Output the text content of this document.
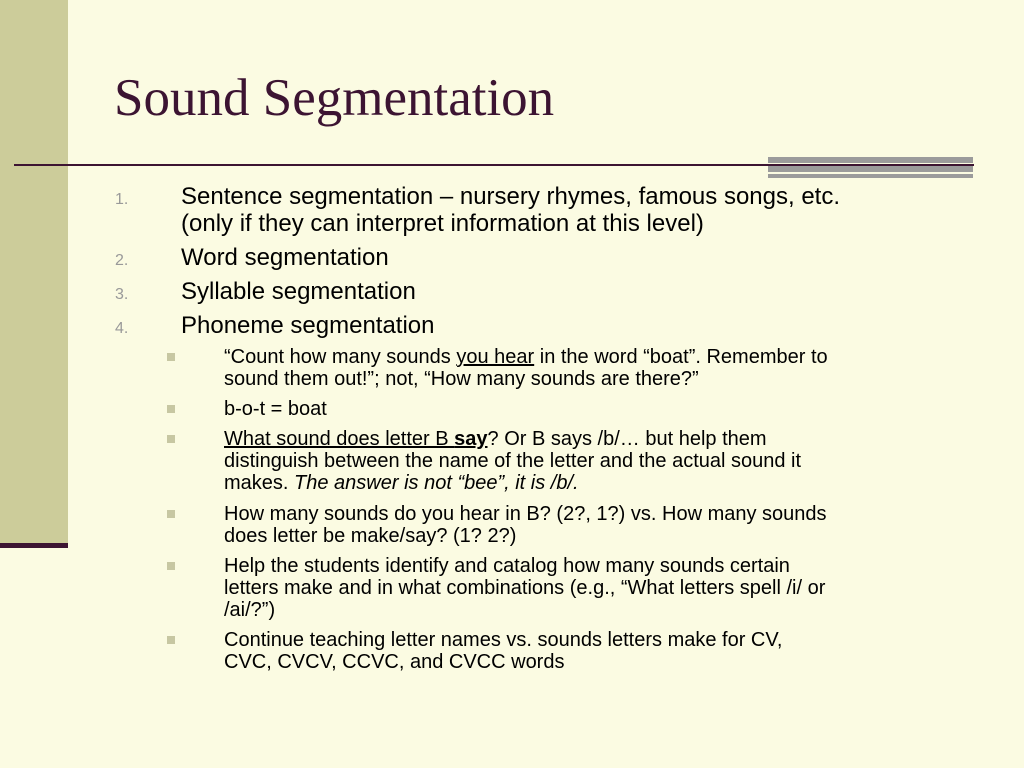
Sound Segmentation
1. Sentence segmentation – nursery rhymes, famous songs, etc.
(only if they can interpret information at this level)
2. Word segmentation
3. Syllable segmentation
4. Phoneme segmentation
“Count how many sounds you hear in the word “boat”. Remember to
sound them out!”; not, “How many sounds are there?”
b-o-t = boat
What sound does letter B say? Or B says /b/… but help them
distinguish between the name of the letter and the actual sound it
makes. The answer is not “bee”, it is /b/.
How many sounds do you hear in B? (2?, 1?) vs. How many sounds
does letter be make/say? (1? 2?)
Help the students identify and catalog how many sounds certain
letters make and in what combinations (e.g., “What letters spell /i/ or
/ai/?”)
Continue teaching letter names vs. sounds letters make for CV,
CVC, CVCV, CCVC, and CVCC words
